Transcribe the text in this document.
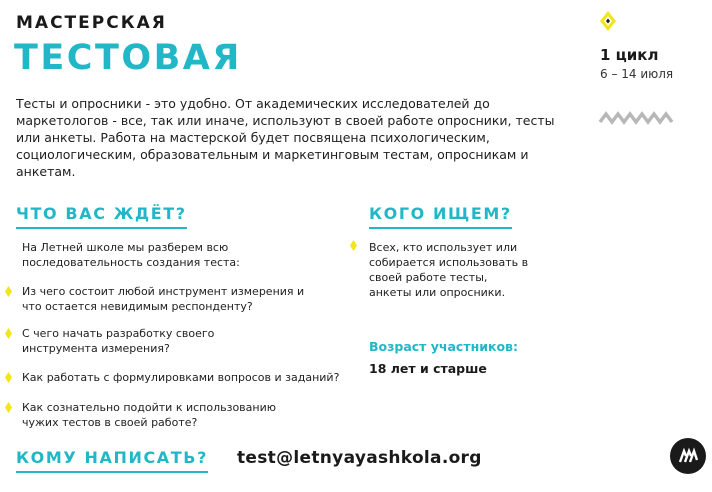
МАСТЕРСКАЯ
ТЕСТОВАЯ
Тесты и опросники - это удобно. От академических исследователей до маркетологов - все, так или иначе, используют в своей работе опросники, тесты или анкеты. Работа на мастерской будет посвящена психологическим, социологическим, образовательным и маркетинговым тестам, опросникам и анкетам.
1 цикл
6 – 14 июля
ЧТО ВАС ЖДЁТ?
На Летней школе мы разберем всю последовательность создания теста:
Из чего состоит любой инструмент измерения и что остается невидимым респонденту?
С чего начать разработку своего инструмента измерения?
Как работать с формулировками вопросов и заданий?
Как сознательно подойти к использованию чужих тестов в своей работе?
КОГО ИЩЕМ?
Всех, кто использует или собирается использовать в своей работе тесты, анкеты или опросники.
Возраст участников:
18 лет и старше
КОМУ НАПИСАТЬ? test@letnyayashkola.org
